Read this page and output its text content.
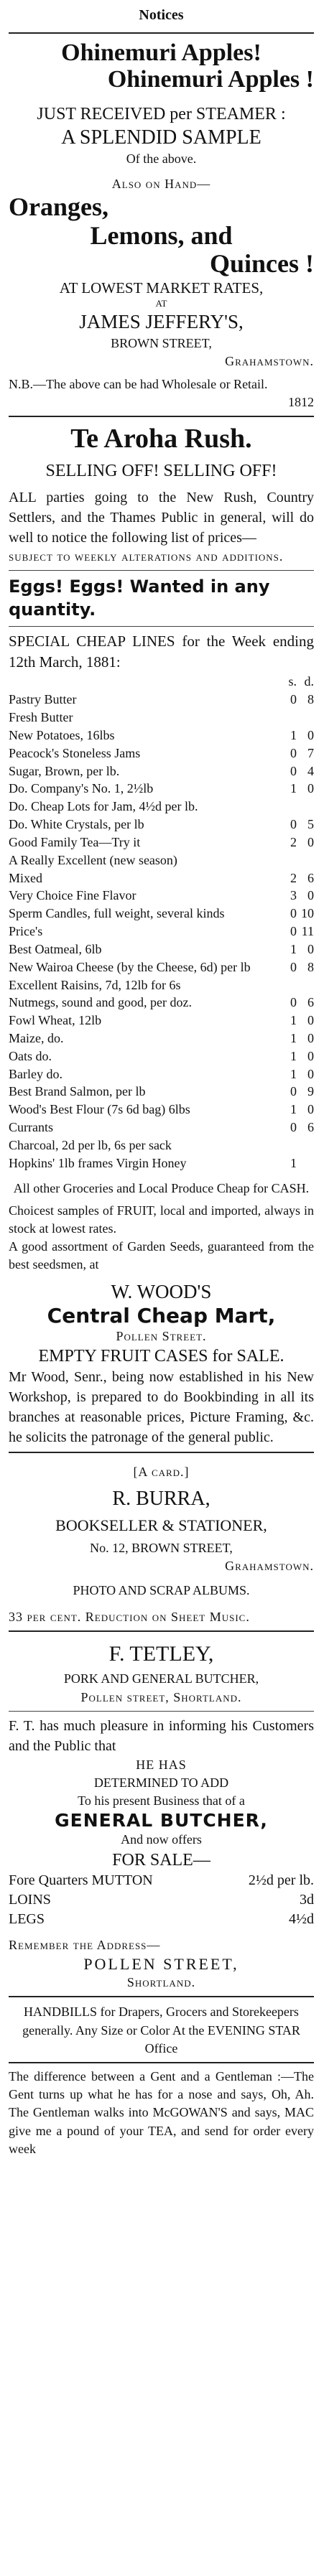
Notices
Ohinemuri Apples!
Ohinemuri Apples !
JUST RECEIVED per STEAMER :
A SPLENDID SAMPLE
Of the above.
Also on Hand—
Oranges,
Lemons, and
Quinces !
AT LOWEST MARKET RATES,
AT
JAMES JEFFERY'S,
BROWN STREET,
Grahamstown.
N.B.—The above can be had Wholesale or Retail.
1812
Te Aroha Rush.
SELLING OFF! SELLING OFF!
ALL parties going to the New Rush, Country Settlers, and the Thames Public in general, will do well to notice the following list of prices—
subject to weekly alterations and additions.
Eggs! Eggs! Wanted in any quantity.
SPECIAL CHEAP LINES for the Week ending 12th March, 1881:
	s.	d.
Pastry Butter	0	8
Fresh Butter		
New Potatoes, 16lbs	1	0
Peacock's Stoneless Jams	0	7
Sugar, Brown, per lb.	0	4
Do. Company's No. 1, 2½lb	1	0
Do. Cheap Lots for Jam, 4½d per lb.		
Do. White Crystals, per lb	0	5
Good Family Tea—Try it	2	0
A Really Excellent (new season)		
Mixed	2	6
Very Choice Fine Flavor	3	0
Sperm Candles, full weight, several kinds	0	10
Price's	0	11
Best Oatmeal, 6lb	1	0
New Wairoa Cheese (by the Cheese, 6d) per lb	0	8
Excellent Raisins, 7d, 12lb for 6s		
Nutmegs, sound and good, per doz.	0	6
Fowl Wheat, 12lb	1	0
Maize, do.	1	0
Oats do.	1	0
Barley do.	1	0
Best Brand Salmon, per lb	0	9
Wood's Best Flour (7s 6d bag) 6lbs	1	0
Currants	0	6
Charcoal, 2d per lb, 6s per sack		
Hopkins' 1lb frames Virgin Honey	1	
All other Groceries and Local Produce Cheap for CASH.
Choicest samples of FRUIT, local and imported, always in stock at lowest rates.
A good assortment of Garden Seeds, guaranteed from the best seedsmen, at
W. WOOD'S
Central Cheap Mart,
Pollen Street.
EMPTY FRUIT CASES for SALE.
Mr Wood, Senr., being now established in his New Workshop, is prepared to do Bookbinding in all its branches at reasonable prices, Picture Framing, &c. he solicits the patronage of the general public.
[A card.]
R. BURRA,
BOOKSELLER & STATIONER,
No. 12, BROWN STREET,
Grahamstown.
PHOTO AND SCRAP ALBUMS.
33 per cent. Reduction on Sheet Music.
F. TETLEY,
PORK AND GENERAL BUTCHER,
Pollen street, Shortland.
F. T. has much pleasure in informing his Customers and the Public that
HE HAS
DETERMINED TO ADD
To his present Business that of a
GENERAL BUTCHER,
And now offers
FOR SALE—
Fore Quarters MUTTON	2½d per lb.
LOINS	3d
LEGS	4½d
Remember the Address—
POLLEN STREET,
Shortland.
HANDBILLS for Drapers, Grocers and Storekeepers generally. Any Size or Color At the EVENING STAR Office
The difference between a Gent and a Gentleman :—The Gent turns up what he has for a nose and says, Oh, Ah. The Gentleman walks into McGOWAN'S and says, MAC give me a pound of your TEA, and send for order every week
